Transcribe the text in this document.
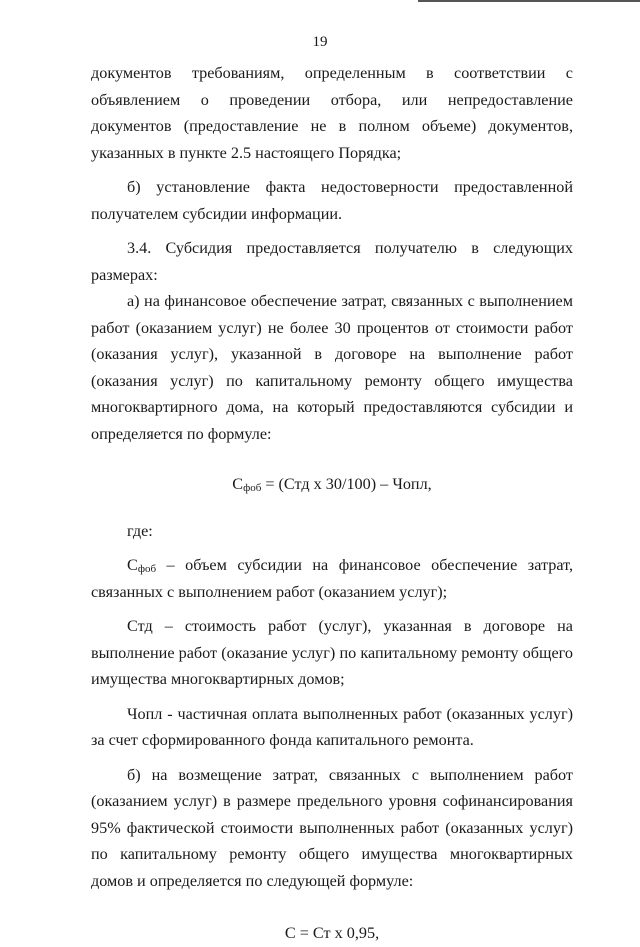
19

документов требованиям, определенным в соответствии с объявлением о проведении отбора, или непредоставление документов (предоставление не в полном объеме) документов, указанных в пункте 2.5 настоящего Порядка;

б) установление факта недостоверности предоставленной получателем субсидии информации.

3.4. Субсидия предоставляется получателю в следующих размерах:

а) на финансовое обеспечение затрат, связанных с выполнением работ (оказанием услуг) не более 30 процентов от стоимости работ (оказания услуг), указанной в договоре на выполнение работ (оказания услуг) по капитальному ремонту общего имущества многоквартирного дома, на который предоставляются субсидии и определяется по формуле:

$С_{фоб} = (Стд$ х 30/100) – Чопл,

где:

$С_{фоб}$ – объем субсидии на финансовое обеспечение затрат, связанных с выполнением работ (оказанием услуг);

Стд – стоимость работ (услуг), указанная в договоре на выполнение работ (оказание услуг) по капитальному ремонту общего имущества многоквартирных домов;

Чопл - частичная оплата выполненных работ (оказанных услуг) за счет сформированного фонда капитального ремонта.

б) на возмещение затрат, связанных с выполнением работ (оказанием услуг) в размере предельного уровня софинансирования 95% фактической стоимости выполненных работ (оказанных услуг) по капитальному ремонту общего имущества многоквартирных домов и определяется по следующей формуле:

С = Ст х 0,95,
